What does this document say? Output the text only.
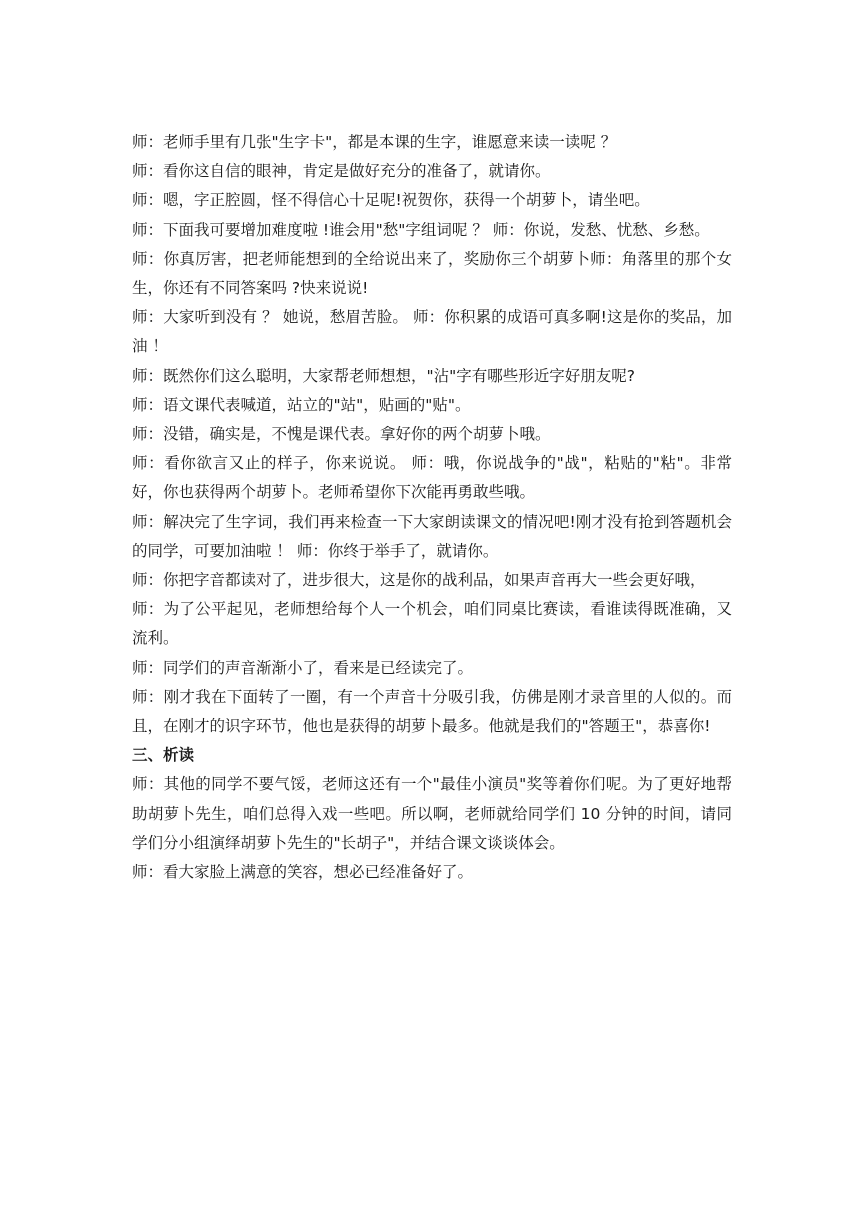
师：老师手里有几张"生字卡"，都是本课的生字，谁愿意来读一读呢 ？

师：看你这自信的眼神，肯定是做好充分的准备了，就请你。

师：嗯，字正腔圆，怪不得信心十足呢!祝贺你，获得一个胡萝卜，请坐吧。

师：下面我可要增加难度啦 !谁会用"愁"字组词呢 ？ 师：你说，发愁、忧愁、乡愁。

师：你真厉害，把老师能想到的全给说出来了，奖励你三个胡萝卜师：角落里的那个女生，你还有不同答案吗 ?快来说说!

师：大家听到没有 ？ 她说，愁眉苦脸。 师：你积累的成语可真多啊!这是你的奖品，加油 ！

师：既然你们这么聪明，大家帮老师想想，"沾"字有哪些形近字好朋友呢?

师：语文课代表喊道，站立的"站"，贴画的"贴"。

师：没错，确实是，不愧是课代表。拿好你的两个胡萝卜哦。

师：看你欲言又止的样子，你来说说。 师：哦，你说战争的"战"，粘贴的"粘"。非常好，你也获得两个胡萝卜。老师希望你下次能再勇敢些哦。

师：解决完了生字词，我们再来检查一下大家朗读课文的情况吧!刚才没有抢到答题机会的同学，可要加油啦 ！ 师：你终于举手了，就请你。

师：你把字音都读对了，进步很大，这是你的战利品，如果声音再大一些会更好哦，

师：为了公平起见，老师想给每个人一个机会，咱们同桌比赛读，看谁读得既准确，又流利。

师：同学们的声音渐渐小了，看来是已经读完了。

师：刚才我在下面转了一圈，有一个声音十分吸引我，仿佛是刚才录音里的人似的。而且，在刚才的识字环节，他也是获得的胡萝卜最多。他就是我们的"答题王"，恭喜你!

三、析读

师：其他的同学不要气馁，老师这还有一个"最佳小演员"奖等着你们呢。为了更好地帮助胡萝卜先生，咱们总得入戏一些吧。所以啊，老师就给同学们 10 分钟的时间，请同学们分小组演绎胡萝卜先生的"长胡子"，并结合课文谈谈体会。

师：看大家脸上满意的笑容，想必已经准备好了。
